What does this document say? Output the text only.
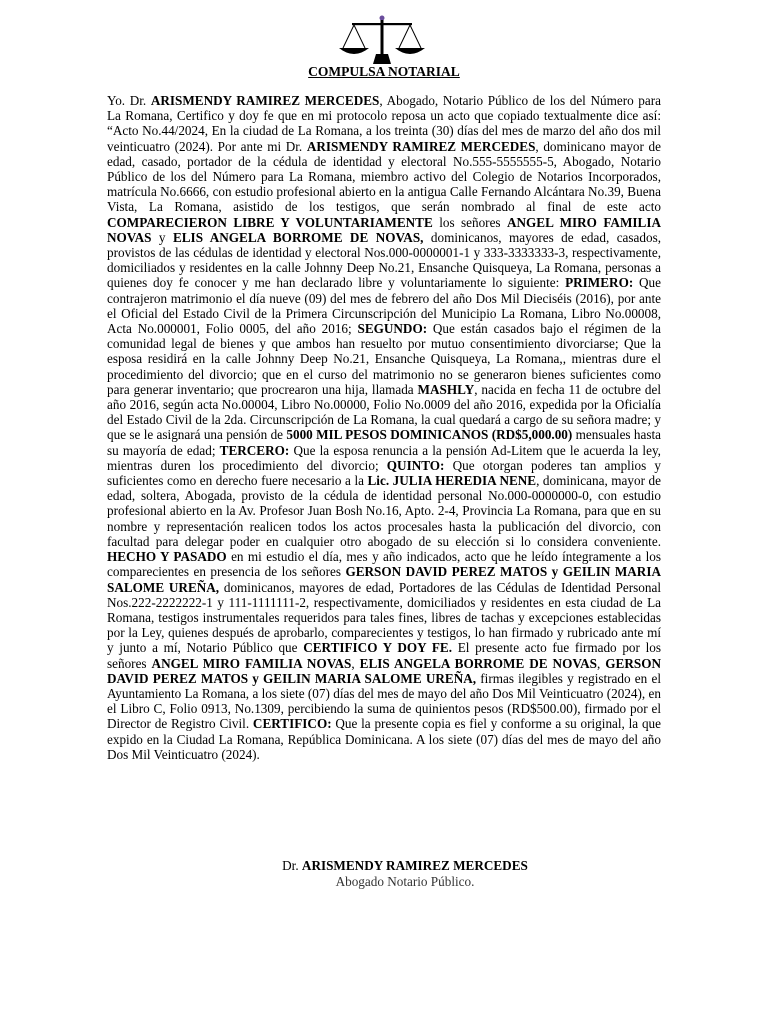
COMPULSA NOTARIAL
Yo. Dr. ARISMENDY RAMIREZ MERCEDES, Abogado, Notario Público de los del Número para La Romana, Certifico y doy fe que en mi protocolo reposa un acto que copiado textualmente dice así: “Acto No.44/2024, En la ciudad de La Romana, a los treinta (30) días del mes de marzo del año dos mil veinticuatro (2024). Por ante mi Dr. ARISMENDY RAMIREZ MERCEDES, dominicano mayor de edad, casado, portador de la cédula de identidad y electoral No.555-5555555-5, Abogado, Notario Público de los del Número para La Romana, miembro activo del Colegio de Notarios Incorporados, matrícula No.6666, con estudio profesional abierto en la antigua Calle Fernando Alcántara No.39, Buena Vista, La Romana, asistido de los testigos, que serán nombrado al final de este acto COMPARECIERON LIBRE Y VOLUNTARIAMENTE los señores ANGEL MIRO FAMILIA NOVAS y ELIS ANGELA BORROME DE NOVAS, dominicanos, mayores de edad, casados, provistos de las cédulas de identidad y electoral Nos.000-0000001-1 y 333-3333333-3, respectivamente, domiciliados y residentes en la calle Johnny Deep No.21, Ensanche Quisqueya, La Romana, personas a quienes doy fe conocer y me han declarado libre y voluntariamente lo siguiente: PRIMERO: Que contrajeron matrimonio el día nueve (09) del mes de febrero del año Dos Mil Dieciséis (2016), por ante el Oficial del Estado Civil de la Primera Circunscripción del Municipio La Romana, Libro No.00008, Acta No.000001, Folio 0005, del año 2016; SEGUNDO: Que están casados bajo el régimen de la comunidad legal de bienes y que ambos han resuelto por mutuo consentimiento divorciarse; Que la esposa residirá en la calle Johnny Deep No.21, Ensanche Quisqueya, La Romana,, mientras dure el procedimiento del divorcio; que en el curso del matrimonio no se generaron bienes suficientes como para generar inventario; que procrearon una hija, llamada MASHLY, nacida en fecha 11 de octubre del año 2016, según acta No.00004, Libro No.00000, Folio No.0009 del año 2016, expedida por la Oficialía del Estado Civil de la 2da. Circunscripción de La Romana, la cual quedará a cargo de su señora madre; y que se le asignará una pensión de 5000 MIL PESOS DOMINICANOS (RD$5,000.00) mensuales hasta su mayoría de edad; TERCERO: Que la esposa renuncia a la pensión Ad-Litem que le acuerda la ley, mientras duren los procedimiento del divorcio; QUINTO: Que otorgan poderes tan amplios y suficientes como en derecho fuere necesario a la Lic. JULIA HEREDIA NENE, dominicana, mayor de edad, soltera, Abogada, provisto de la cédula de identidad personal No.000-0000000-0, con estudio profesional abierto en la Av. Profesor Juan Bosh No.16, Apto. 2-4, Provincia La Romana, para que en su nombre y representación realicen todos los actos procesales hasta la publicación del divorcio, con facultad para delegar poder en cualquier otro abogado de su elección si lo considera conveniente. HECHO Y PASADO en mi estudio el día, mes y año indicados, acto que he leído íntegramente a los comparecientes en presencia de los señores GERSON DAVID PEREZ MATOS y GEILIN MARIA SALOME UREÑA, dominicanos, mayores de edad, Portadores de las Cédulas de Identidad Personal Nos.222-2222222-1 y 111-1111111-2, respectivamente, domiciliados y residentes en esta ciudad de La Romana, testigos instrumentales requeridos para tales fines, libres de tachas y excepciones establecidas por la Ley, quienes después de aprobarlo, comparecientes y testigos, lo han firmado y rubricado ante mí y junto a mí, Notario Público que CERTIFICO Y DOY FE. El presente acto fue firmado por los señores ANGEL MIRO FAMILIA NOVAS, ELIS ANGELA BORROME DE NOVAS, GERSON DAVID PEREZ MATOS y GEILIN MARIA SALOME UREÑA, firmas ilegibles y registrado en el Ayuntamiento La Romana, a los siete (07) días del mes de mayo del año Dos Mil Veinticuatro (2024), en el Libro C, Folio 0913, No.1309, percibiendo la suma de quinientos pesos (RD$500.00), firmado por el Director de Registro Civil. CERTIFICO: Que la presente copia es fiel y conforme a su original, la que expido en la Ciudad La Romana, República Dominicana. A los siete (07) días del mes de mayo del año Dos Mil Veinticuatro (2024).
Dr. ARISMENDY RAMIREZ MERCEDES
Abogado Notario Público.
